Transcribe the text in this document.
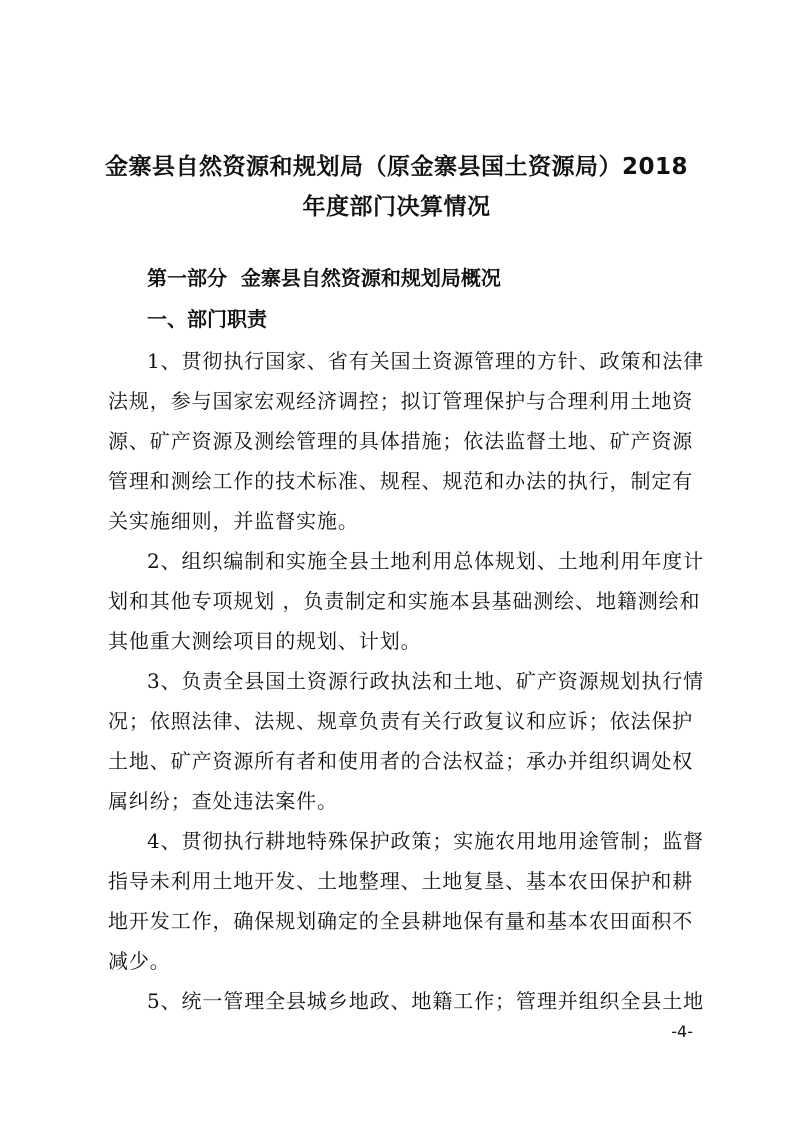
金寨县自然资源和规划局（原金寨县国土资源局）2018
年度部门决算情况
第一部分  金寨县自然资源和规划局概况
一、部门职责
1、贯彻执行国家、省有关国土资源管理的方针、政策和法律
法规，参与国家宏观经济调控；拟订管理保护与合理利用土地资
源、矿产资源及测绘管理的具体措施；依法监督土地、矿产资源
管理和测绘工作的技术标准、规程、规范和办法的执行，制定有
关实施细则，并监督实施。
2、组织编制和实施全县土地利用总体规划、土地利用年度计
划和其他专项规划 ，负责制定和实施本县基础测绘、地籍测绘和
其他重大测绘项目的规划、计划。
3、负责全县国土资源行政执法和土地、矿产资源规划执行情
况；依照法律、法规、规章负责有关行政复议和应诉；依法保护
土地、矿产资源所有者和使用者的合法权益；承办并组织调处权
属纠纷；查处违法案件。
4、贯彻执行耕地特殊保护政策；实施农用地用途管制；监督
指导未利用土地开发、土地整理、土地复垦、基本农田保护和耕
地开发工作，确保规划确定的全县耕地保有量和基本农田面积不
减少。
5、统一管理全县城乡地政、地籍工作；管理并组织全县土地
-4-
